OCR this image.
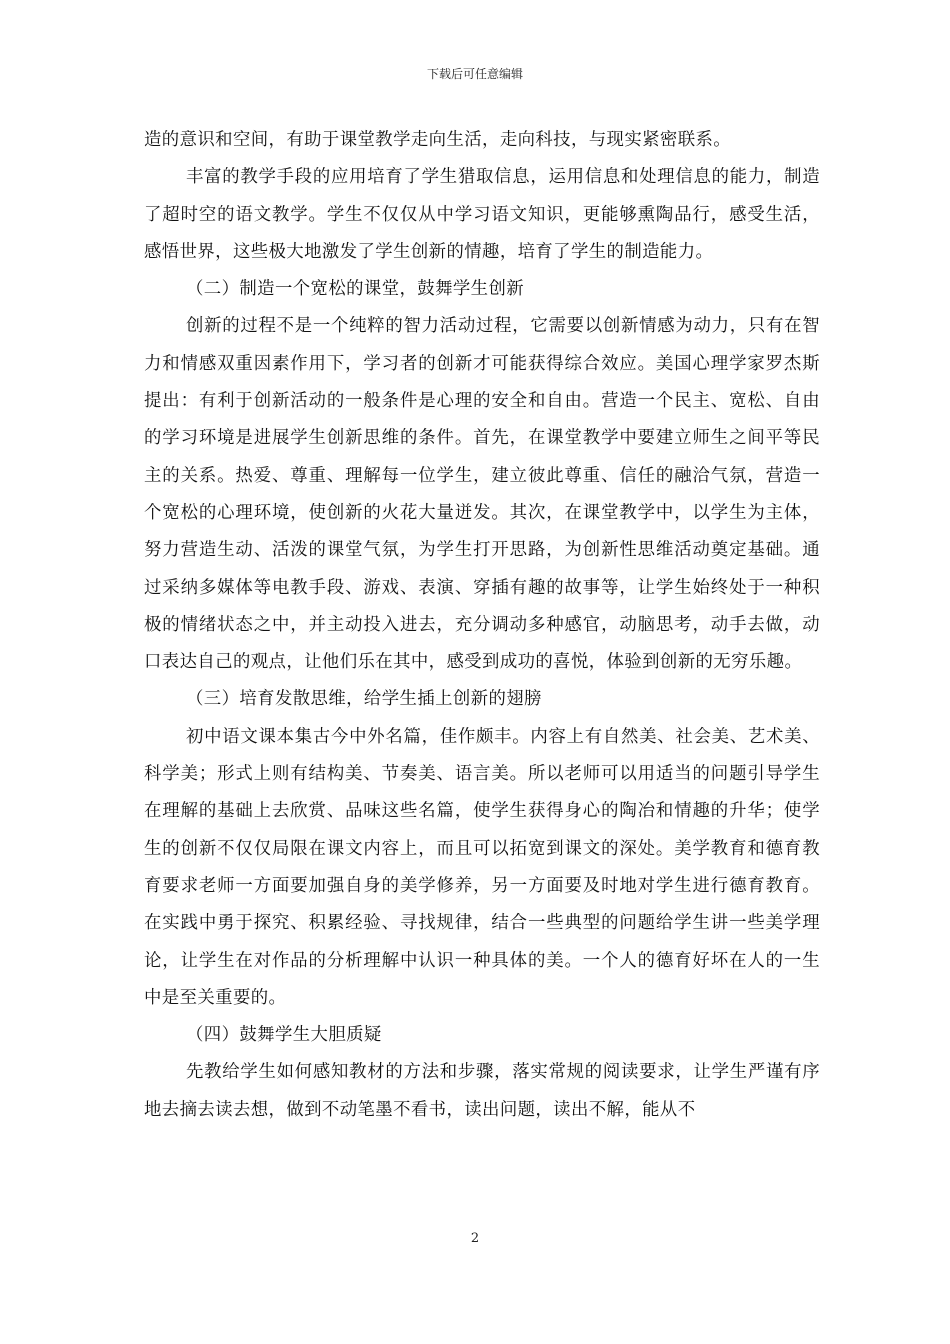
下载后可任意编辑

造的意识和空间，有助于课堂教学走向生活，走向科技，与现实紧密联系。

丰富的教学手段的应用培育了学生猎取信息，运用信息和处理信息的能力，制造了超时空的语文教学。学生不仅仅从中学习语文知识，更能够熏陶品行，感受生活，感悟世界，这些极大地激发了学生创新的情趣，培育了学生的制造能力。

（二）制造一个宽松的课堂，鼓舞学生创新

创新的过程不是一个纯粹的智力活动过程，它需要以创新情感为动力，只有在智力和情感双重因素作用下，学习者的创新才可能获得综合效应。美国心理学家罗杰斯提出：有利于创新活动的一般条件是心理的安全和自由。营造一个民主、宽松、自由的学习环境是进展学生创新思维的条件。首先，在课堂教学中要建立师生之间平等民主的关系。热爱、尊重、理解每一位学生，建立彼此尊重、信任的融洽气氛，营造一个宽松的心理环境，使创新的火花大量迸发。其次，在课堂教学中，以学生为主体，努力营造生动、活泼的课堂气氛，为学生打开思路，为创新性思维活动奠定基础。通过采纳多媒体等电教手段、游戏、表演、穿插有趣的故事等，让学生始终处于一种积极的情绪状态之中，并主动投入进去，充分调动多种感官，动脑思考，动手去做，动口表达自己的观点，让他们乐在其中，感受到成功的喜悦，体验到创新的无穷乐趣。

（三）培育发散思维，给学生插上创新的翅膀

初中语文课本集古今中外名篇，佳作颇丰。内容上有自然美、社会美、艺术美、科学美；形式上则有结构美、节奏美、语言美。所以老师可以用适当的问题引导学生在理解的基础上去欣赏、品味这些名篇，使学生获得身心的陶冶和情趣的升华；使学生的创新不仅仅局限在课文内容上，而且可以拓宽到课文的深处。美学教育和德育教育要求老师一方面要加强自身的美学修养，另一方面要及时地对学生进行德育教育。在实践中勇于探究、积累经验、寻找规律，结合一些典型的问题给学生讲一些美学理论，让学生在对作品的分析理解中认识一种具体的美。一个人的德育好坏在人的一生中是至关重要的。

（四）鼓舞学生大胆质疑

先教给学生如何感知教材的方法和步骤，落实常规的阅读要求，让学生严谨有序地去摘去读去想，做到不动笔墨不看书，读出问题，读出不解，能从不

2
